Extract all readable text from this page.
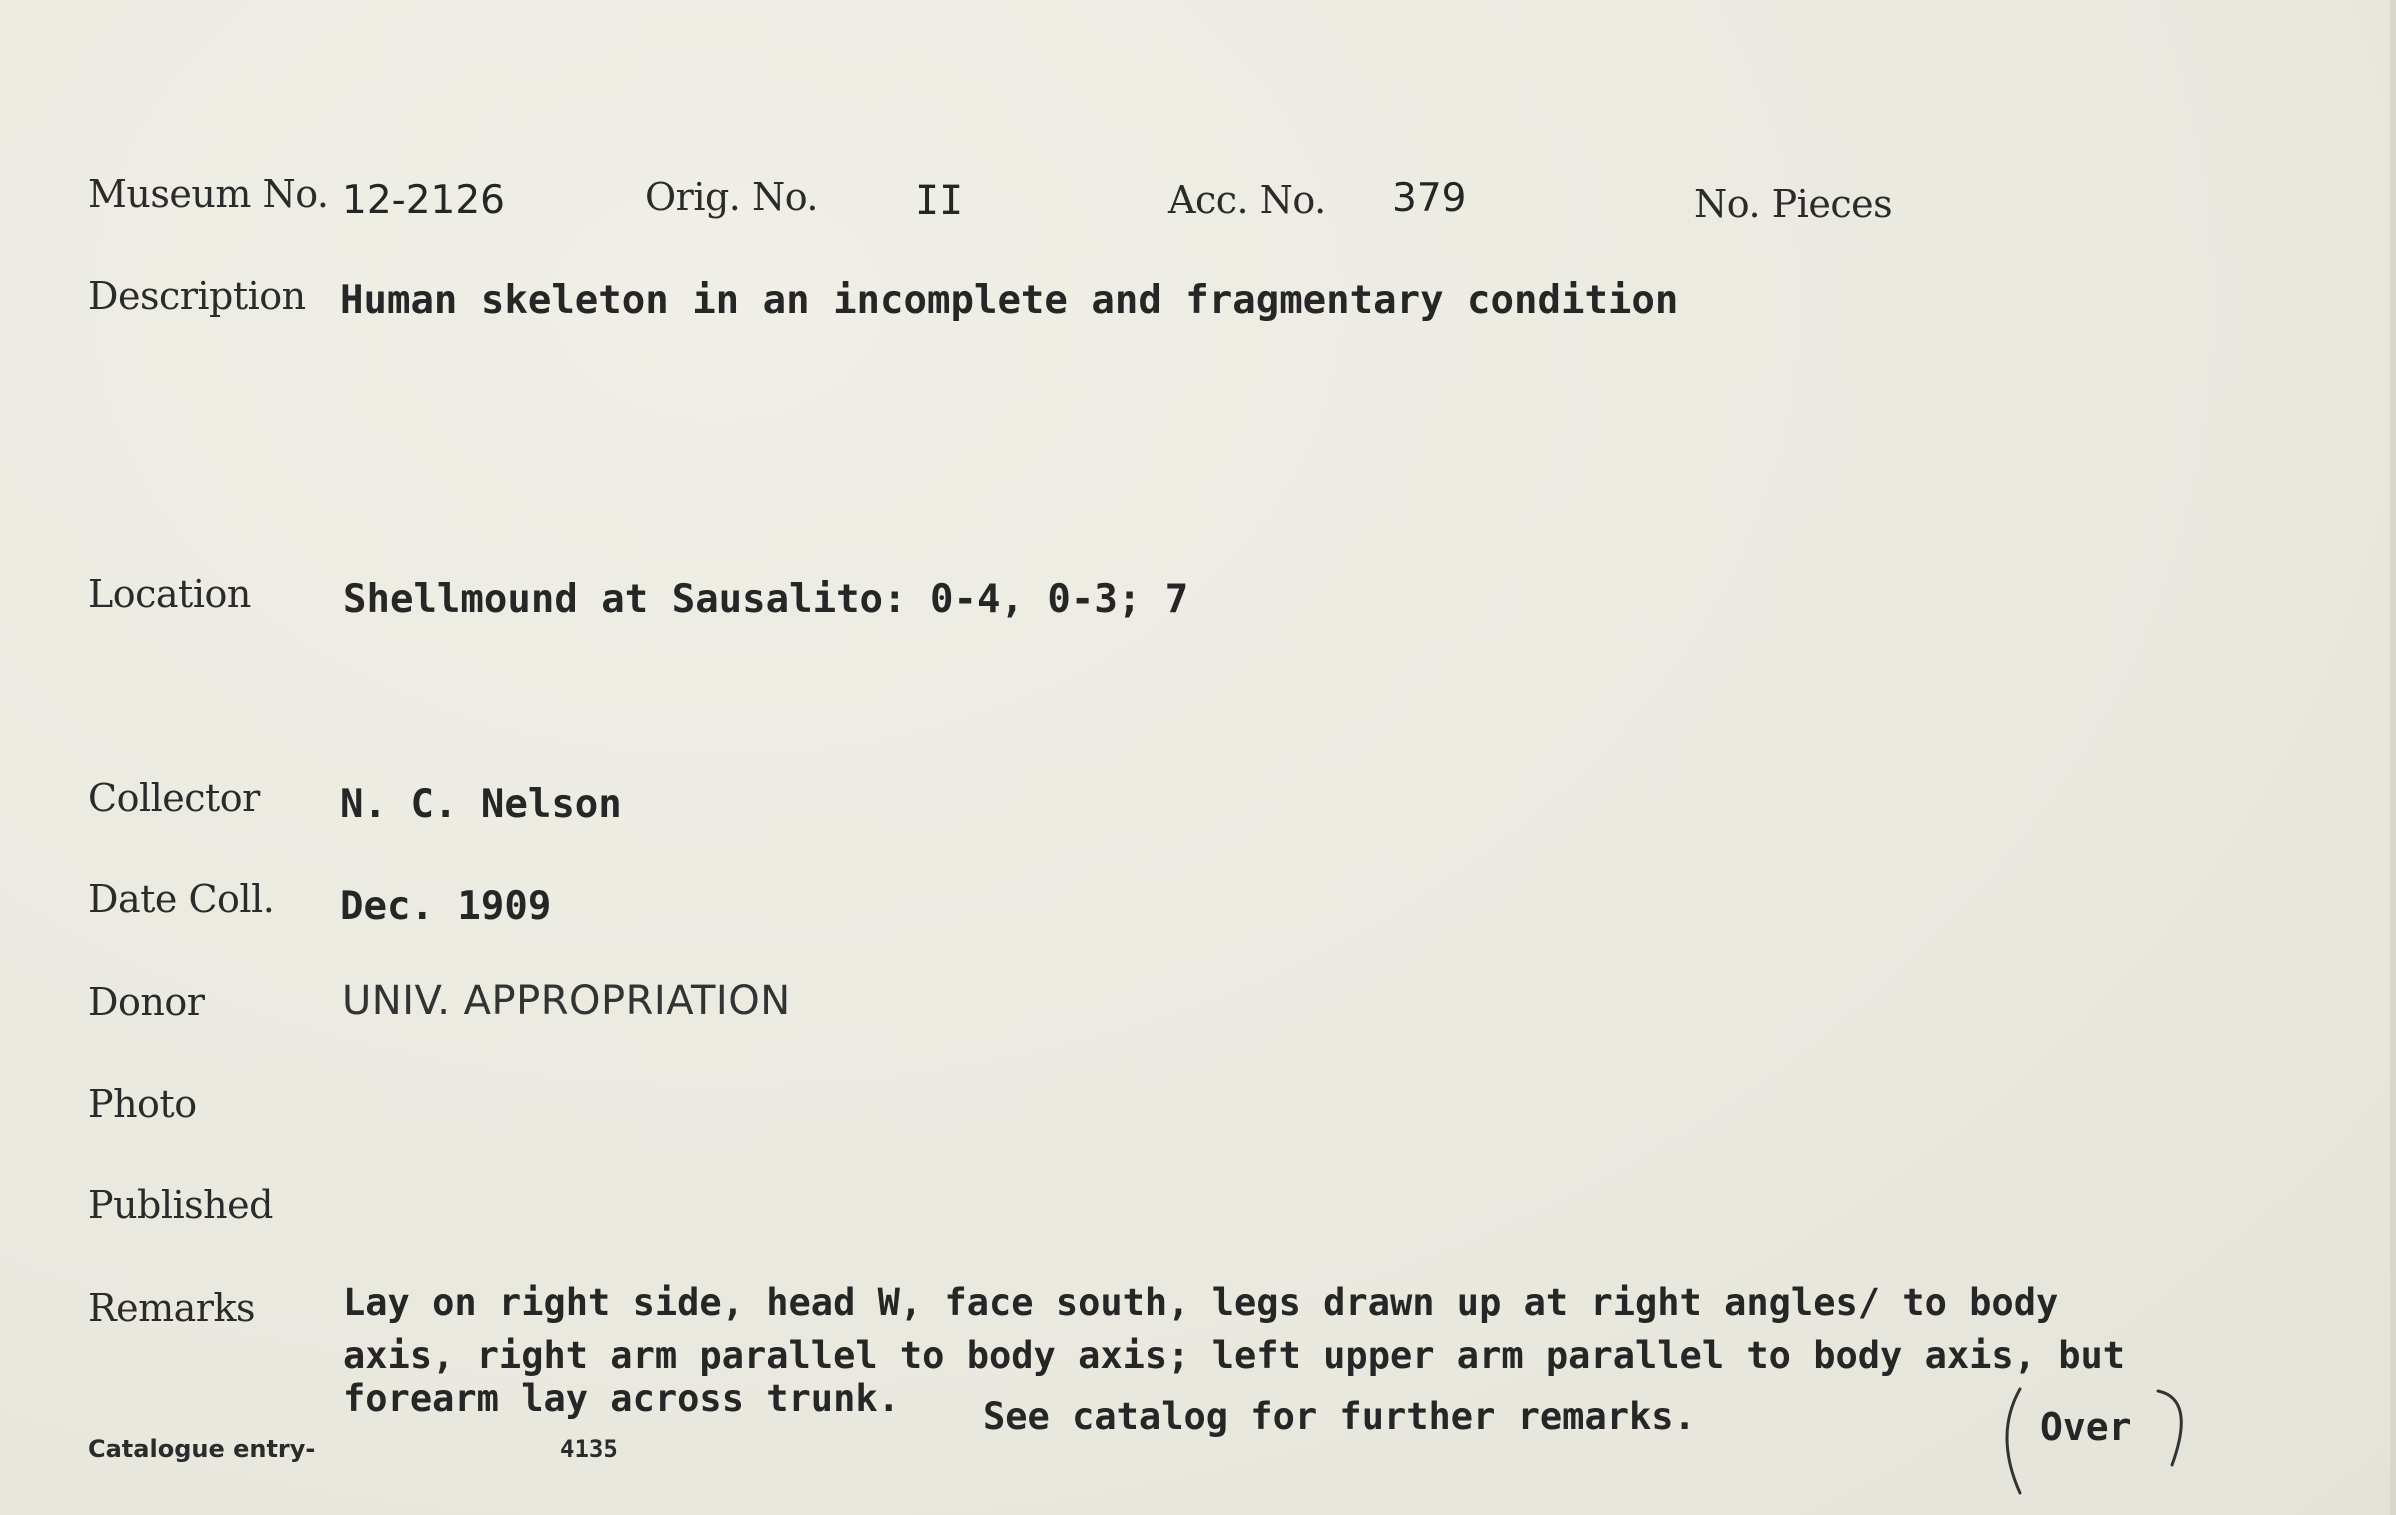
Museum No. 12-2126	Orig. No. II	Acc. No. 379	No. Pieces
Description Human skeleton in an incomplete and fragmentary condition
Location Shellmound at Sausalito: 0-4, 0-3; 7
Collector N. C. Nelson
Date Coll. Dec. 1909
Donor	UNIV. APPROPRIATION
Photo
Published
Remarks Lay on right side, head W, face south, legs drawn up at right angles/ to body
axis, right arm parallel to body axis; left upper arm parallel to body axis, but
forearm lay across trunk. See catalog for further remarks.
Catalogue entry-	4135	Over
